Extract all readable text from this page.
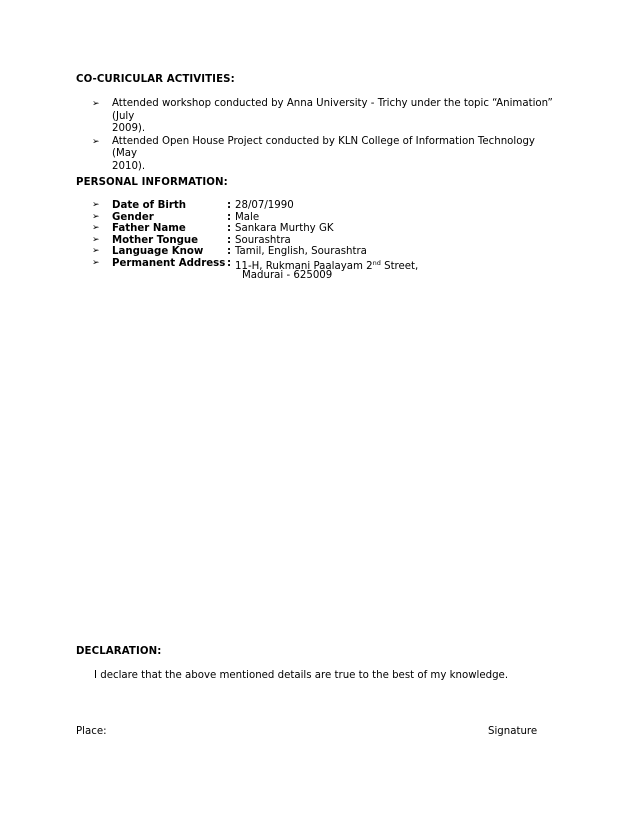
CO-CURICULAR ACTIVITIES:
➢ Attended workshop conducted by Anna University - Trichy under the topic “Animation” (July
2009).
➢ Attended Open House Project conducted by KLN College of Information Technology (May
2010).
PERSONAL INFORMATION:
➢ Date of Birth	: 28/07/1990
➢ Gender	: Male
➢ Father Name	: Sankara Murthy GK
➢ Mother Tongue	: Sourashtra
➢ Language Know : Tamil, English, Sourashtra
➢ Permanent Address : 11-H, Rukmani Paalayam 2nd Street,
Madurai - 625009
DECLARATION:
I declare that the above mentioned details are true to the best of my knowledge.
Place:	Signature
